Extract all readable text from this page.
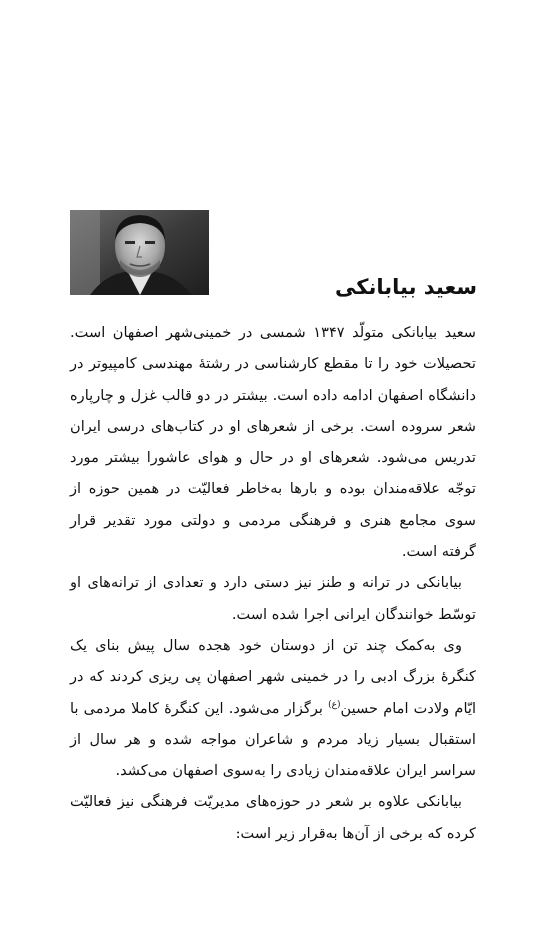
سعید بیابانکی

سعید بیابانکی متولّد ۱۳۴۷ شمسی در خمینی‌شهر اصفهان است. تحصیلات خود را تا مقطع کارشناسی در رشتهٔ مهندسی کامپیوتر در دانشگاه اصفهان ادامه داده است. بیشتر در دو قالب غزل و چارپاره شعر سروده است. برخی از شعرهای او در کتاب‌های درسی ایران تدریس می‌شود. شعرهای او در حال و هوای عاشورا بیشتر مورد توجّه علاقه‌مندان بوده و بارها به‌خاطر فعالیّت در همین حوزه از سوی مجامع هنری و فرهنگی مردمی و دولتی مورد تقدیر قرار گرفته است.

بیابانکی در ترانه و طنز نیز دستی دارد و تعدادی از ترانه‌های او توسّط خوانندگان ایرانی اجرا شده است.

وی به‌کمک چند تن از دوستان خود هجده سال پیش بنای یک کنگرهٔ بزرگ ادبی را در خمینی شهر اصفهان پی ریزی کردند که در ایّام ولادت امام حسین$^{(ع)}$ برگزار می‌شود. این کنگرهٔ کاملا مردمی با استقبال بسیار زیاد مردم و شاعران مواجه شده و هر سال از سراسر ایران علاقه‌مندان زیادی را به‌سوی اصفهان می‌کشد.

بیابانکی علاوه بر شعر در حوزه‌های مدیریّت فرهنگی نیز فعالیّت کرده که برخی از آن‌ها به‌قرار زیر است:
